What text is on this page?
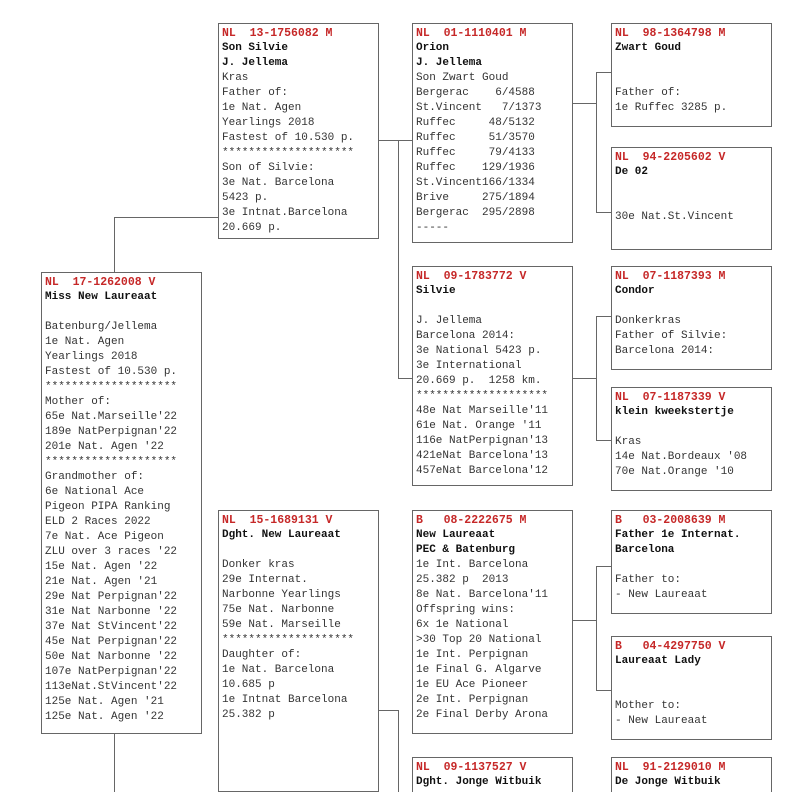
NL  17-1262008 V
Miss New Laureaat
Batenburg/Jellema
1e Nat. Agen
Yearlings 2018
Fastest of 10.530 p.
********************
Mother of:
65e Nat.Marseille'22
189e NatPerpignan'22
201e Nat. Agen '22
********************
Grandmother of:
6e National Ace
Pigeon PIPA Ranking
ELD 2 Races 2022
7e Nat. Ace Pigeon
ZLU over 3 races '22
15e Nat. Agen '22
21e Nat. Agen '21
29e Nat Perpignan'22
31e Nat Narbonne '22
37e Nat StVincent'22
45e Nat Perpignan'22
50e Nat Narbonne '22
107e NatPerpignan'22
113eNat.StVincent'22
125e Nat. Agen '21
125e Nat. Agen '22
NL  13-1756082 M
Son Silvie
J. Jellema
Kras
Father of:
1e Nat. Agen
Yearlings 2018
Fastest of 10.530 p.
********************
Son of Silvie:
3e Nat. Barcelona
5423 p.
3e Intnat.Barcelona
20.669 p.
NL  15-1689131 V
Dght. New Laureaat
Donker kras
29e Internat.
Narbonne Yearlings
75e Nat. Narbonne
59e Nat. Marseille
********************
Daughter of:
1e Nat. Barcelona
10.685 p
1e Intnat Barcelona
25.382 p
NL  01-1110401 M
Orion
J. Jellema
Son Zwart Goud
Bergerac    6/4588
St.Vincent   7/1373
Ruffec     48/5132
Ruffec     51/3570
Ruffec     79/4133
Ruffec    129/1936
St.Vincent166/1334
Brive     275/1894
Bergerac  295/2898
-----
NL  09-1783772 V
Silvie
J. Jellema
Barcelona 2014:
3e National 5423 p.
3e International
20.669 p.  1258 km.
********************
48e Nat Marseille'11
61e Nat. Orange '11
116e NatPerpignan'13
421eNat Barcelona'13
457eNat Barcelona'12
B   08-2222675 M
New Laureaat
PEC & Batenburg
1e Int. Barcelona
25.382 p  2013
8e Nat. Barcelona'11
Offspring wins:
6x 1e National
>30 Top 20 National
1e Int. Perpignan
1e Final G. Algarve
1e EU Ace Pioneer
2e Int. Perpignan
2e Final Derby Arona
NL  09-1137527 V
Dght. Jonge Witbuik
NL  98-1364798 M
Zwart Goud
Father of:
1e Ruffec 3285 p.
NL  94-2205602 V
De 02
30e Nat.St.Vincent
NL  07-1187393 M
Condor
Donkerkras
Father of Silvie:
Barcelona 2014:
NL  07-1187339 V
klein kweekstertje
Kras
14e Nat.Bordeaux '08
70e Nat.Orange '10
B   03-2008639 M
Father 1e Internat.
Barcelona
Father to:
- New Laureaat
B   04-4297750 V
Laureaat Lady
Mother to:
- New Laureaat
NL  91-2129010 M
De Jonge Witbuik
